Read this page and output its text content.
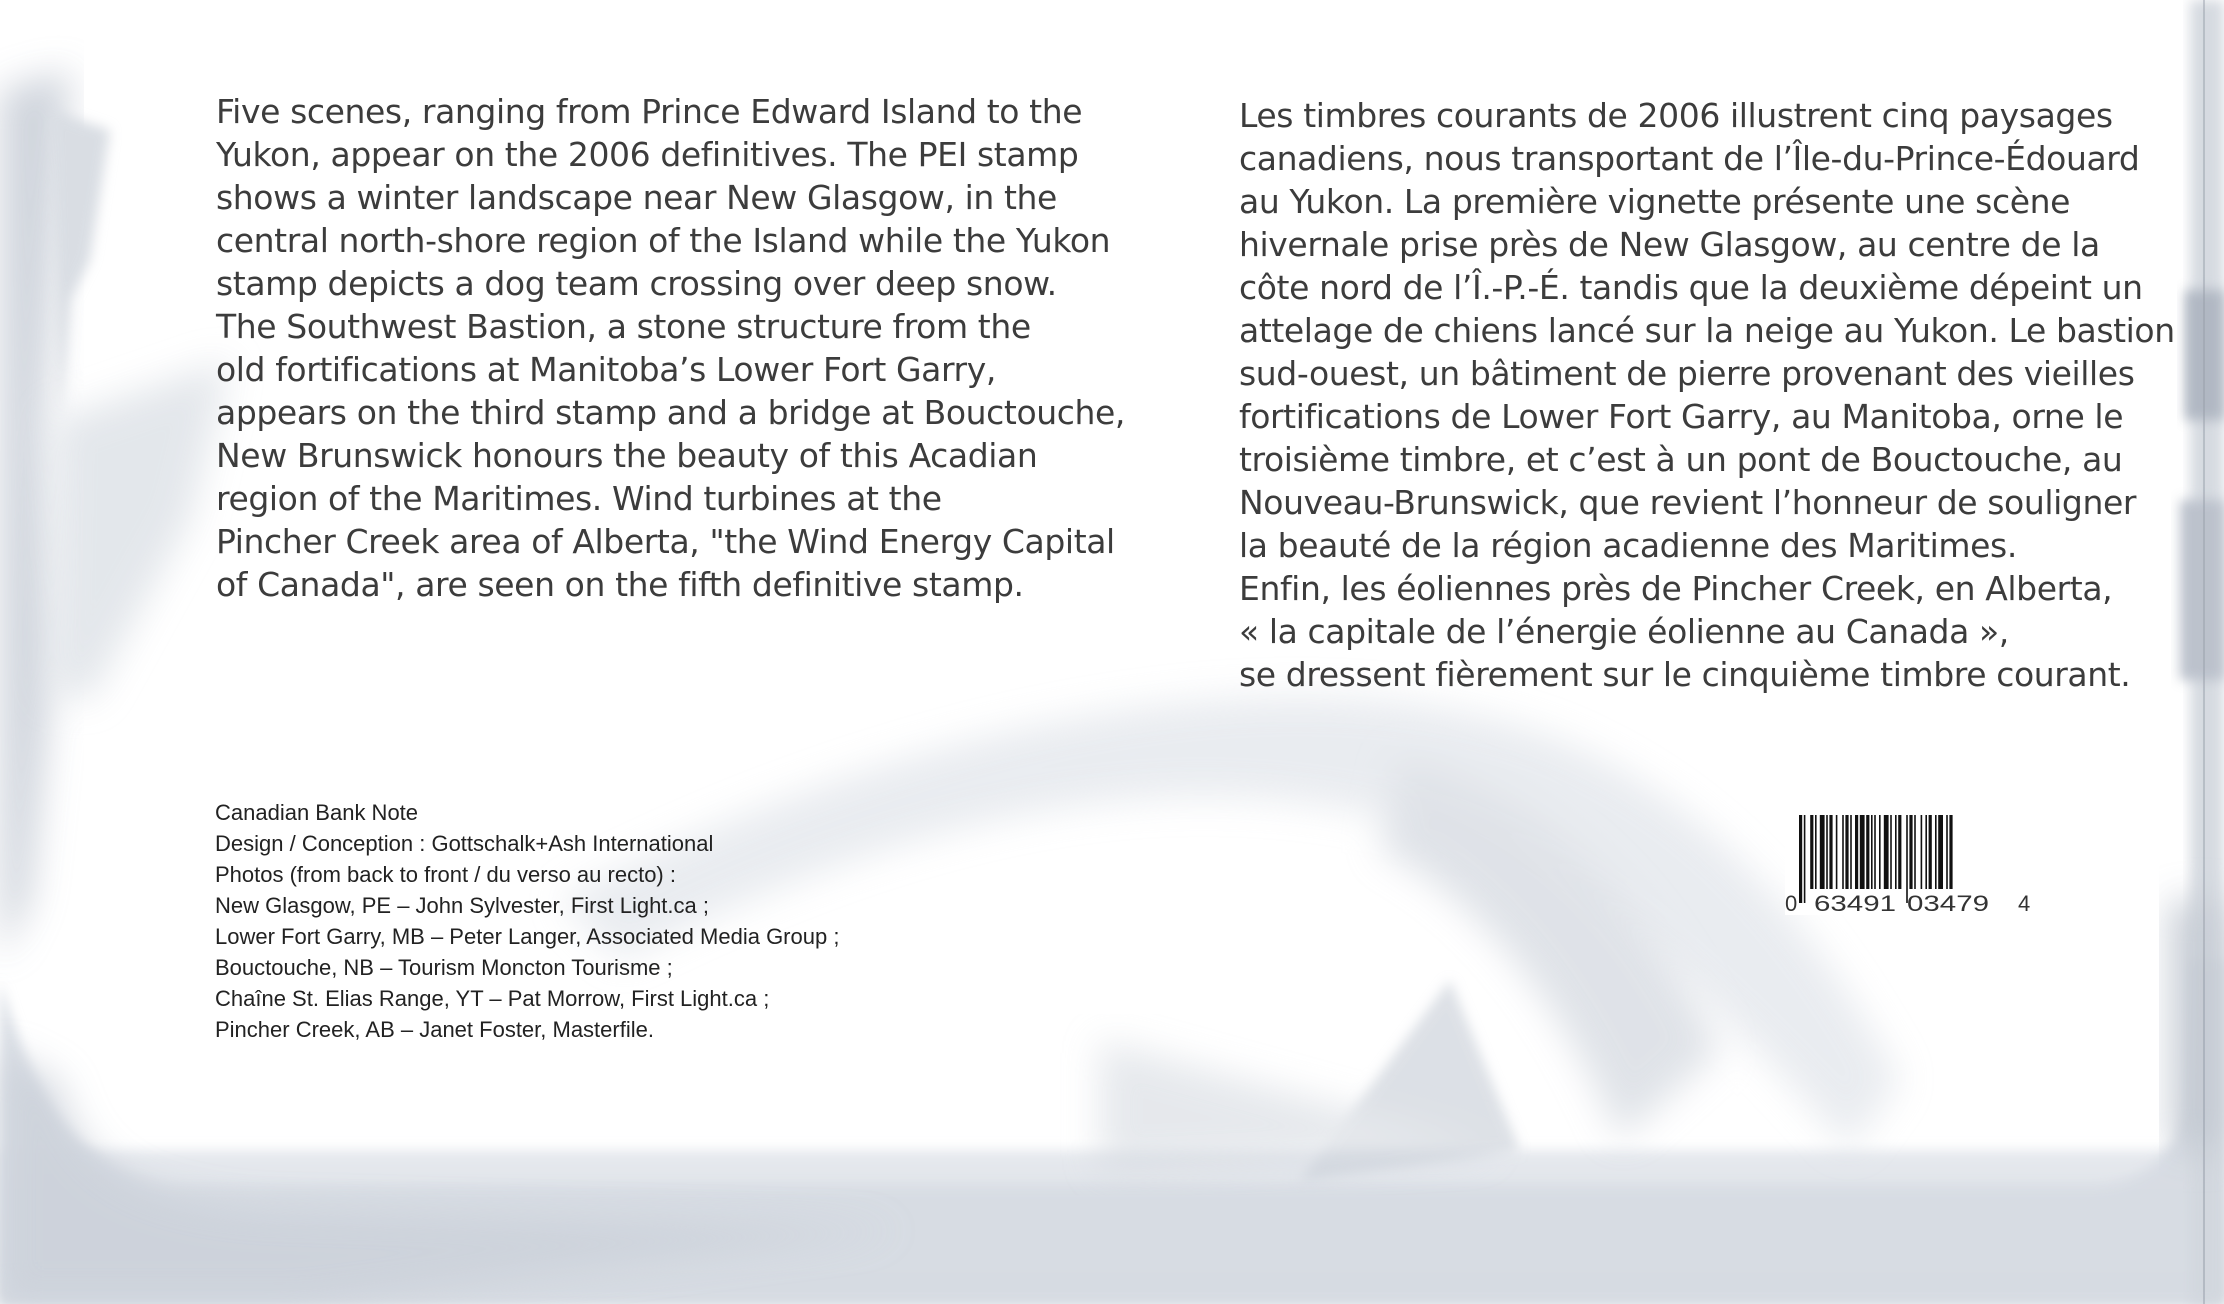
Five scenes, ranging from Prince Edward Island to the
Yukon, appear on the 2006 definitives. The PEI stamp
shows a winter landscape near New Glasgow, in the
central north-shore region of the Island while the Yukon
stamp depicts a dog team crossing over deep snow.
The Southwest Bastion, a stone structure from the
old fortifications at Manitoba’s Lower Fort Garry,
appears on the third stamp and a bridge at Bouctouche,
New Brunswick honours the beauty of this Acadian
region of the Maritimes. Wind turbines at the
Pincher Creek area of Alberta, "the Wind Energy Capital
of Canada", are seen on the fifth definitive stamp.
Les timbres courants de 2006 illustrent cinq paysages
canadiens, nous transportant de l’Île-du-Prince-Édouard
au Yukon. La première vignette présente une scène
hivernale prise près de New Glasgow, au centre de la
côte nord de l’Î.-P.-É. tandis que la deuxième dépeint un
attelage de chiens lancé sur la neige au Yukon. Le bastion
sud-ouest, un bâtiment de pierre provenant des vieilles
fortifications de Lower Fort Garry, au Manitoba, orne le
troisième timbre, et c’est à un pont de Bouctouche, au
Nouveau-Brunswick, que revient l’honneur de souligner
la beauté de la région acadienne des Maritimes.
Enfin, les éoliennes près de Pincher Creek, en Alberta,
« la capitale de l’énergie éolienne au Canada »,
se dressent fièrement sur le cinquième timbre courant.
Canadian Bank Note
Design / Conception : Gottschalk+Ash International
Photos (from back to front / du verso au recto) :
New Glasgow, PE – John Sylvester, First Light.ca ;
Lower Fort Garry, MB – Peter Langer, Associated Media Group ;
Bouctouche, NB – Tourism Moncton Tourisme ;
Chaîne St. Elias Range, YT – Pat Morrow, First Light.ca ;
Pincher Creek, AB – Janet Foster, Masterfile.
0 63491 03479 4
